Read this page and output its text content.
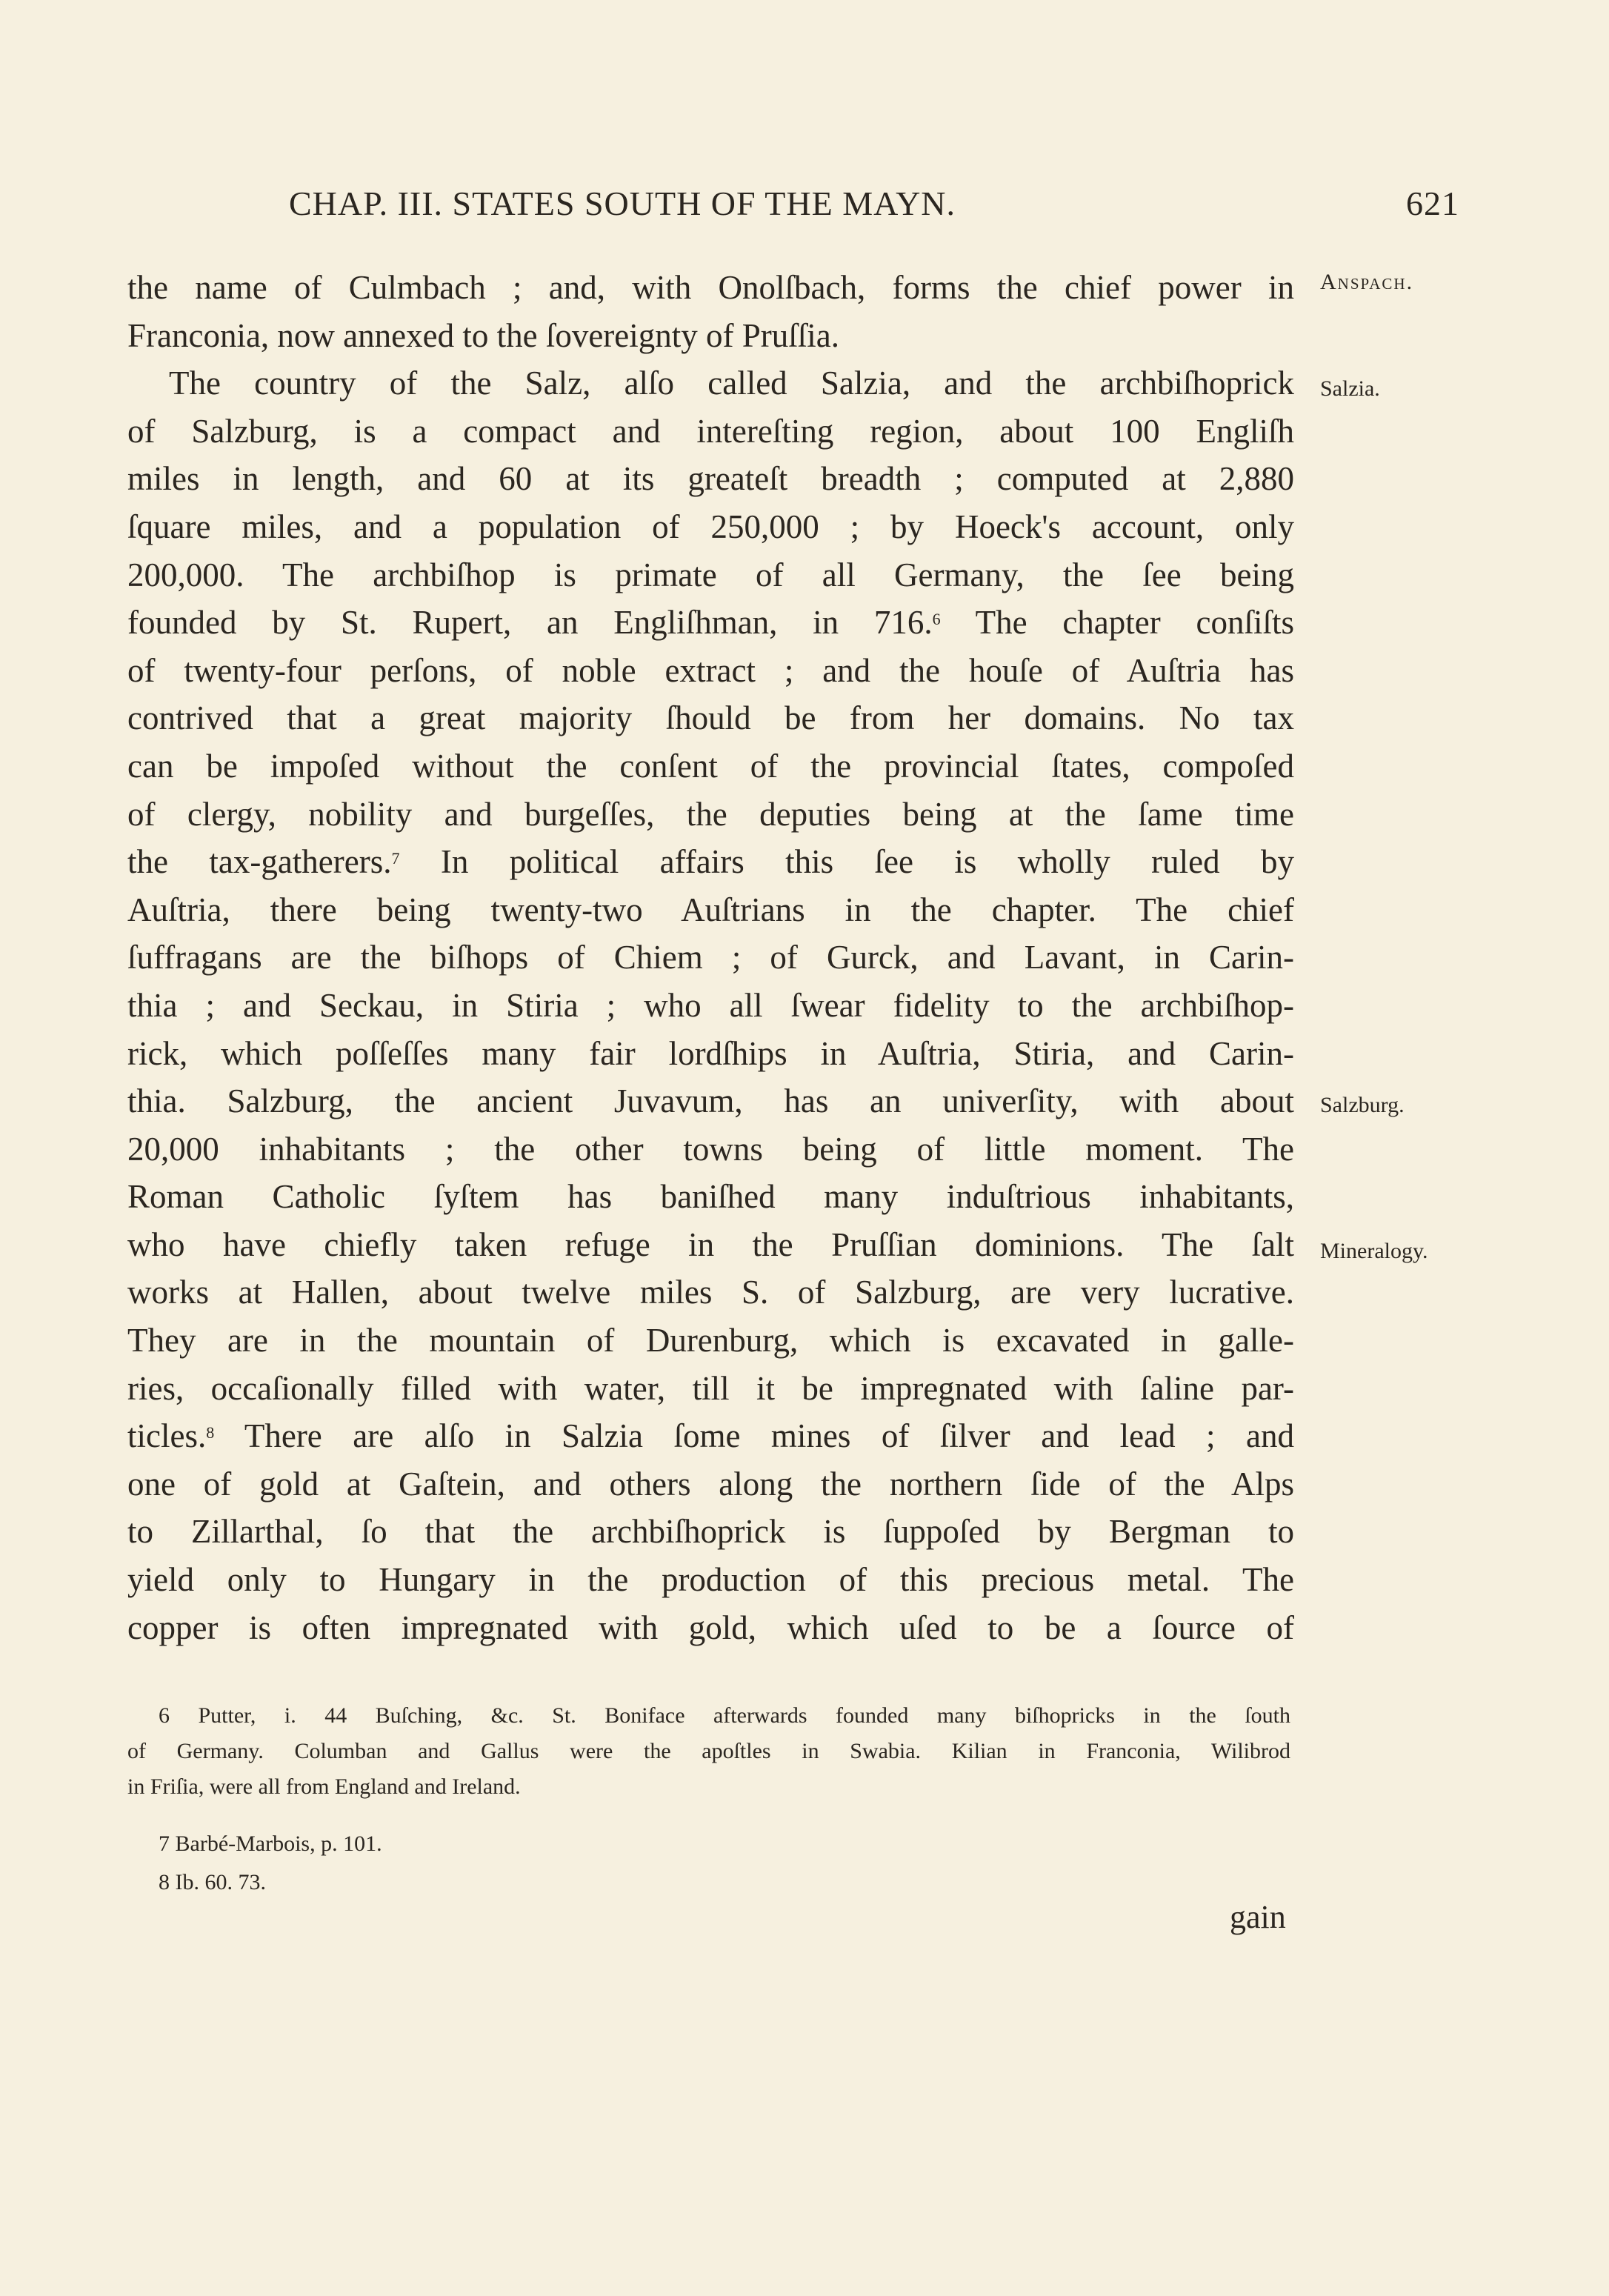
CHAP. III. STATES SOUTH OF THE MAYN.	621
the name of Culmbach ; and, with Onolſbach, forms the chief power in
Franconia, now annexed to the ſovereignty of Pruſſia.
The country of the Salz, alſo called Salzia, and the archbiſhoprick
of Salzburg, is a compact and intereſting region, about 100 Engliſh
miles in length, and 60 at its greateſt breadth ; computed at 2,880
ſquare miles, and a population of 250,000 ; by Hoeck's account, only
200,000. The archbiſhop is primate of all Germany, the ſee being
founded by St. Rupert, an Engliſhman, in 716.$^6$ The chapter conſiſts
of twenty-four perſons, of noble extract ; and the houſe of Auſtria has
contrived that a great majority ſhould be from her domains. No tax
can be impoſed without the conſent of the provincial ſtates, compoſed
of clergy, nobility and burgeſſes, the deputies being at the ſame time
the tax-gatherers.$^7$ In political affairs this ſee is wholly ruled by
Auſtria, there being twenty-two Auſtrians in the chapter. The chief
ſuffragans are the biſhops of Chiem ; of Gurck, and Lavant, in Carin-
thia ; and Seckau, in Stiria ; who all ſwear fidelity to the archbiſhop-
rick, which poſſeſſes many fair lordſhips in Auſtria, Stiria, and Carin-
thia. Salzburg, the ancient Juvavum, has an univerſity, with about
20,000 inhabitants ; the other towns being of little moment. The
Roman Catholic ſyſtem has baniſhed many induſtrious inhabitants,
who have chiefly taken refuge in the Pruſſian dominions. The ſalt
works at Hallen, about twelve miles S. of Salzburg, are very lucrative.
They are in the mountain of Durenburg, which is excavated in galle-
ries, occaſionally filled with water, till it be impregnated with ſaline par-
ticles.$^8$ There are alſo in Salzia ſome mines of ſilver and lead ; and
one of gold at Gaſtein, and others along the northern ſide of the Alps
to Zillarthal, ſo that the archbiſhoprick is ſuppoſed by Bergman to
yield only to Hungary in the production of this precious metal. The
copper is often impregnated with gold, which uſed to be a ſource of
Anspach.
Salzia.
Salzburg.
Mineralogy.
6 Putter, i. 44 Buſching, &c. St. Boniface afterwards founded many biſhopricks in the ſouth
of Germany. Columban and Gallus were the apoſtles in Swabia. Kilian in Franconia, Wilibrod
in Friſia, were all from England and Ireland.
7 Barbé-Marbois, p. 101.
8 Ib. 60. 73.
gain
